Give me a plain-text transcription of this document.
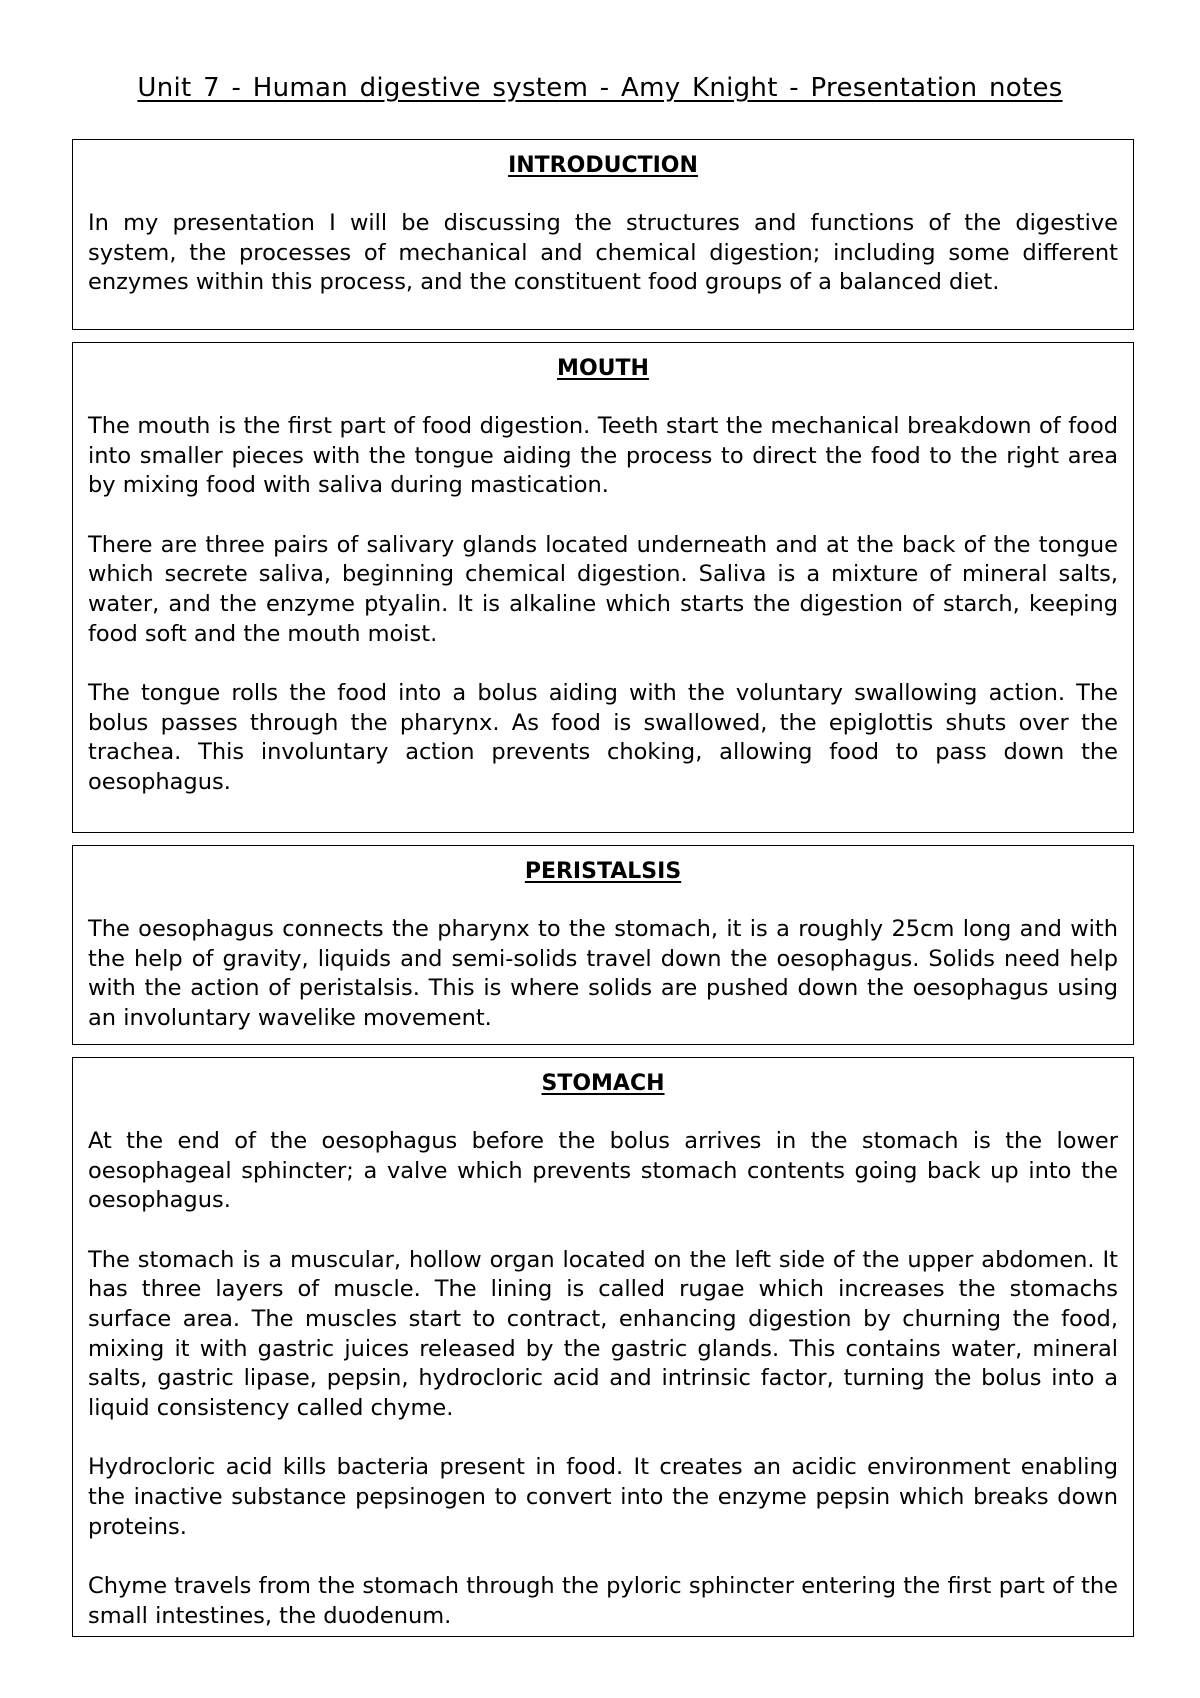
Unit 7 - Human digestive system - Amy Knight - Presentation notes
INTRODUCTION

In my presentation I will be discussing the structures and functions of the digestive system, the processes of mechanical and chemical digestion; including some different enzymes within this process, and the constituent food groups of a balanced diet.

MOUTH

The mouth is the first part of food digestion. Teeth start the mechanical breakdown of food into smaller pieces with the tongue aiding the process to direct the food to the right area by mixing food with saliva during mastication.

There are three pairs of salivary glands located underneath and at the back of the tongue which secrete saliva, beginning chemical digestion. Saliva is a mixture of mineral salts, water, and the enzyme ptyalin. It is alkaline which starts the digestion of starch, keeping food soft and the mouth moist.

The tongue rolls the food into a bolus aiding with the voluntary swallowing action. The bolus passes through the pharynx. As food is swallowed, the epiglottis shuts over the trachea. This involuntary action prevents choking, allowing food to pass down the oesophagus.

PERISTALSIS

The oesophagus connects the pharynx to the stomach, it is a roughly 25cm long and with the help of gravity, liquids and semi-solids travel down the oesophagus. Solids need help with the action of peristalsis. This is where solids are pushed down the oesophagus using an involuntary wavelike movement.

STOMACH

At the end of the oesophagus before the bolus arrives in the stomach is the lower oesophageal sphincter; a valve which prevents stomach contents going back up into the oesophagus.

The stomach is a muscular, hollow organ located on the left side of the upper abdomen. It has three layers of muscle. The lining is called rugae which increases the stomachs surface area. The muscles start to contract, enhancing digestion by churning the food, mixing it with gastric juices released by the gastric glands. This contains water, mineral salts, gastric lipase, pepsin, hydrocloric acid and intrinsic factor, turning the bolus into a liquid consistency called chyme.

Hydrocloric acid kills bacteria present in food. It creates an acidic environment enabling the inactive substance pepsinogen to convert into the enzyme pepsin which breaks down proteins.

Chyme travels from the stomach through the pyloric sphincter entering the first part of the small intestines, the duodenum.
